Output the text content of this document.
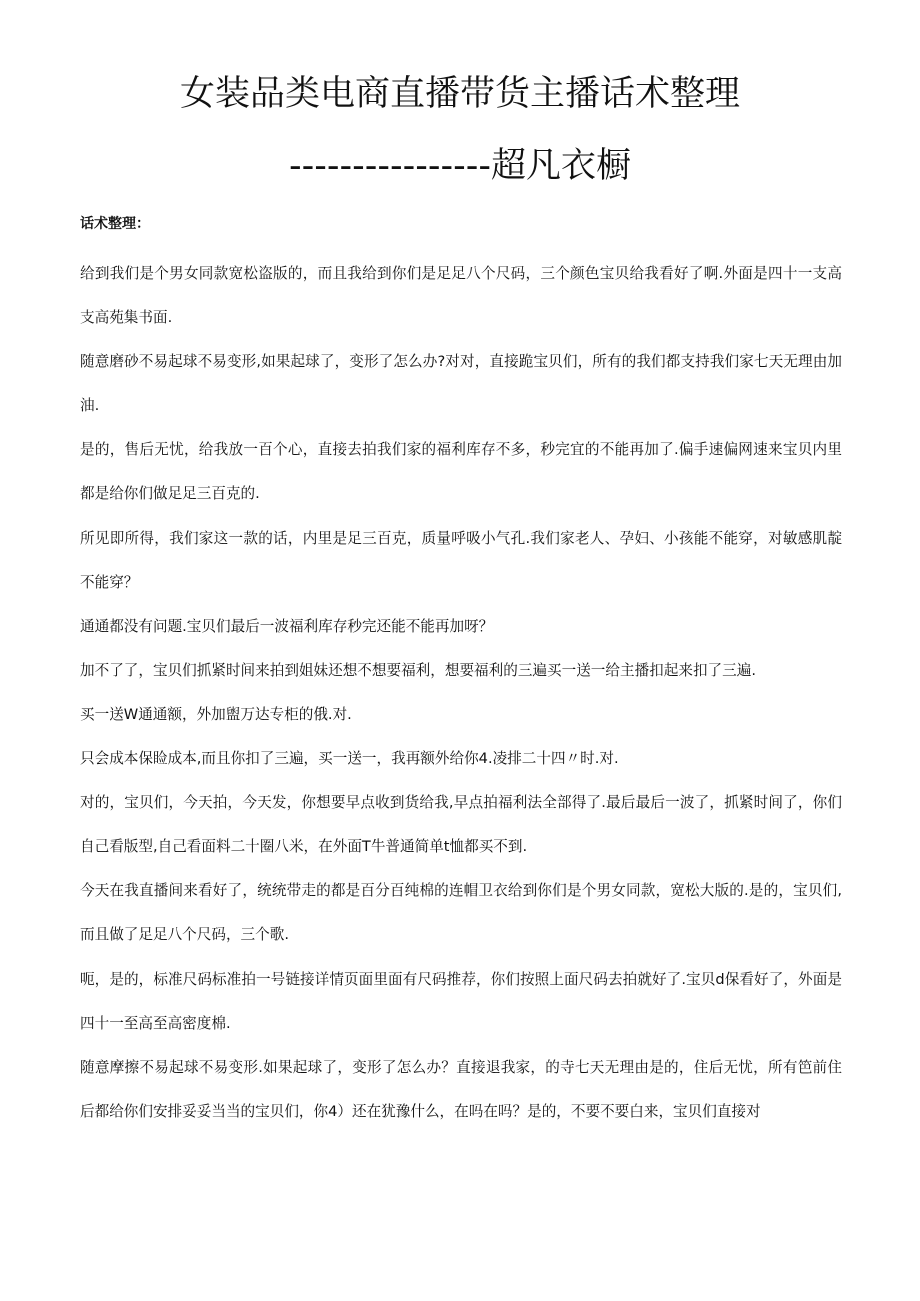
女装品类电商直播带货主播话术整理
----------------超凡衣橱
话术整理：

给到我们是个男女同款宽松盗版的，而且我给到你们是足足八个尺码，三个颜色宝贝给我看好了啊.外面是四十一支高支高苑集书面.

随意磨砂不易起球不易变形,如果起球了，变形了怎么办?对对，直接跪宝贝们，所有的我们都支持我们家七天无理由加油.

是的，售后无忧，给我放一百个心，直接去拍我们家的福利库存不多，秒完宜的不能再加了.偏手速偏网速来宝贝内里都是给你们做足足三百克的.

所见即所得，我们家这一款的话，内里是足三百克，质量呼吸小气孔.我们家老人、孕妇、小孩能不能穿，对敏感肌靛不能穿？

通通都没有问题.宝贝们最后一波福利库存秒完还能不能再加呀？

加不了了，宝贝们抓紧时间来拍到姐妹还想不想要福利，想要福利的三遍买一送一给主播扣起来扣了三遍.

买一送W通通额，外加盥万达专柜的俄.对.

只会成本保睑成本,而且你扣了三遍，买一送一，我再额外给你4.凌排二十四〃时.对.

对的，宝贝们，今天拍，今天发，你想要早点收到货给我,早点拍福利法全部得了.最后最后一波了，抓紧时间了，你们自己看版型,自己看面料二十圈八米，在外面T牛普通简单t恤都买不到.

今天在我直播间来看好了，统统带走的都是百分百纯棉的连帽卫衣给到你们是个男女同款，宽松大版的.是的，宝贝们,而且做了足足八个尺码，三个歌.

呃，是的，标准尺码标准拍一号链接详情页面里面有尺码推荐，你们按照上面尺码去拍就好了.宝贝d保看好了，外面是四十一至高至高密度棉.

随意摩擦不易起球不易变形.如果起球了，变形了怎么办？直接退我家，的寺七天无理由是的，住后无忧，所有笆前住后都给你们安排妥妥当当的宝贝们，你4）还在犹豫什么，在吗在吗？是的，不要不要白来，宝贝们直接对
